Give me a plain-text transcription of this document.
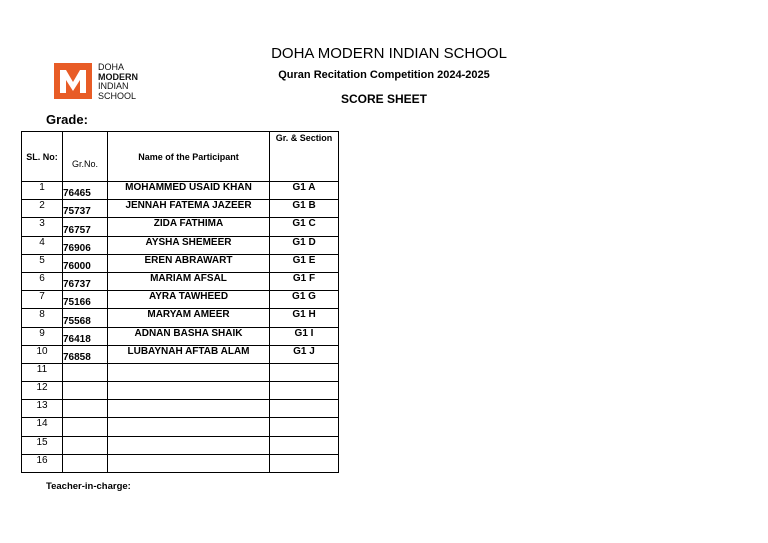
DOHA
MODERN
INDIAN
SCHOOL
DOHA MODERN INDIAN SCHOOL
Quran Recitation Competition 2024-2025
SCORE SHEET
Grade:
SL. No:	Gr.No.	Name of the Participant	Gr. & Section
1	76465	MOHAMMED USAID KHAN	G1 A
2	75737	JENNAH FATEMA JAZEER	G1 B
3	76757	ZIDA FATHIMA	G1 C
4	76906	AYSHA SHEMEER	G1 D
5	76000	EREN ABRAWART	G1 E
6	76737	MARIAM AFSAL	G1 F
7	75166	AYRA TAWHEED	G1 G
8	75568	MARYAM AMEER	G1 H
9	76418	ADNAN BASHA SHAIK	G1 I
10	76858	LUBAYNAH AFTAB ALAM	G1 J
11			
12			
13			
14			
15			
16			
Teacher-in-charge:
